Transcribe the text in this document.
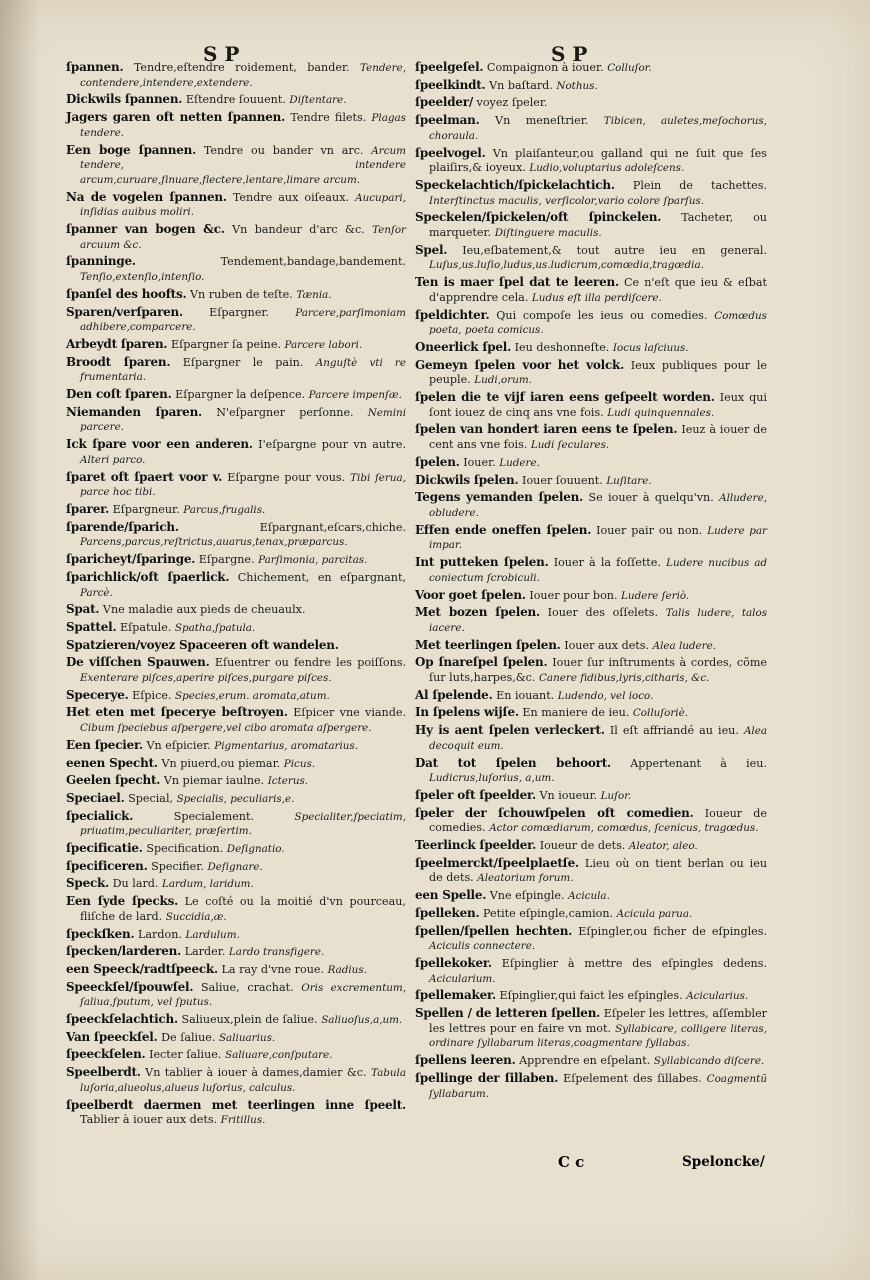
S P	S P
ſpannen. Tendre,eſtendre roidement, bander. Tendere, contendere,intendere,extendere.
Dickwils ſpannen. Eſtendre ſouuent. Diſtentare.
Jagers garen oft netten ſpannen. Tendre filets. Plagas tendere.
Een boge ſpannen. Tendre ou bander vn arc. Arcum tendere, intendere arcum,curuare,ſinuare,flectere,lentare,limare arcum.
Na de vogelen ſpannen. Tendre aux oiſeaux. Aucupari, inſidias auibus moliri.
ſpanner van bogen &c. Vn bandeur d'arc &c. Tenſor arcuum &c.
ſpanninge.	Tendement,bandage,bandement. Tenſio,extenſio,intenſio.
ſpanſel des hoofts. Vn ruben de teſte. Tænia.
Sparen/verſparen. Eſpargner.	Parcere,parſimoniam adhibere,comparcere.
Arbeydt ſparen. Eſpargner ſa peine. Parcere labori.
Broodt ſparen. Eſpargner le pain. Anguſtè vti re frumentaria.
Den coſt ſparen. Eſpargner la deſpence. Parcere impenſæ.
Niemanden ſparen. N'eſpargner perſonne. Nemini parcere.
Ick ſpare voor een anderen. I'eſpargne pour vn autre. Alteri parco.
ſparet oft ſpaert voor v. Eſpargne pour vous. Tibi ſerua, parce hoc tibi.
ſparer. Eſpargneur. Parcus,frugalis.
ſparende/ſparich.	Eſpargnant,eſcars,chiche. Parcens,parcus,reſtrictus,auarus,tenax,præparcus.
ſparicheyt/ſparinge. Eſpargne. Parſimonia, parcitas.
ſparichlick/oft ſpaerlick. Chichement, en eſpargnant, Parcè.
Spat. Vne maladie aux pieds de cheuaulx.
Spattel. Eſpatule. Spatha,ſpatula.
Spatzieren/voyez Spaceeren oft wandelen.
De viſſchen Spauwen. Eſuentrer ou fendre les poiſſons. Exenterare piſces,aperire piſces,purgare piſces.
Speceryе. Eſpice. Species,erum. aromata,atum.
Het eten met ſpecerye beſtroyen. Eſpicer vne viande. Cibum ſpeciebus aſpergere,vel cibo aromata aſpergere.
Een ſpecier. Vn eſpicier. Pigmentarius, aromatarius.
eenen Specht. Vn piuerd,ou piemar. Picus.
Geelen ſpecht. Vn piemar iaulne. Icterus.
Speciael. Special, Specialis, peculiaris,e.
ſpecialick.	Specialement.	Specialiter,ſpeciatim, priuatim,peculiariter, præſertim.
ſpecificatie. Specification. Deſignatio.
ſpecificeren. Specifier. Deſignare.
Speck. Du lard. Lardum, laridum.
Een ſyde ſpecks. Le coſté ou la moitié d'vn pourceau, fliſche de lard. Succidia,æ.
ſpeckſken. Lardon. Lardulum.
ſpecken/larderen. Larder. Lardo transfigere.
een Speeck/radtſpeeck. La ray d'vne roue. Radius.
Speeckſel/ſpouwſel. Saliue, crachat. Oris excrementum, ſaliua,ſputum, vel ſputus.
ſpeeckſelachtich. Salіueux,plein de ſaliue. Saliuoſus,a,um.
Van ſpeeckſel. De ſaliue. Saliuarius.
ſpeeckſelen. Iecter ſaliue. Saliuare,conſputare.
Speelberdt. Vn tablier à iouer à dames,damier &c. Tabula luſoria,alueolus,alueus luſorius, calculus.
ſpeelberdt daermen met teerlingen inne ſpeelt. Tablier à iouer aux dets. Fritillus.
ſpeelgeſel. Compaignon à iouer. Colluſor.
ſpeelkindt. Vn baſtard. Nothus.
ſpeelder/ voyez ſpeler.
ſpeelman. Vn meneſtrier. Tibicen, auletes,meſochorus, choraula.
ſpeelvogel. Vn plaiſanteur,ou galland qui ne ſuit que ſes plaiſirs,& ioyeux. Ludio,voluptarius adoleſcens.
Speckelachtich/ſpickelachtich. Plein de tachettes. Interſtinctus maculis, verſicolor,vario colore ſparſus.
Speckelen/ſpickelen/oft ſpinckelen. Tacheter, ou marqueter. Diſtinguere maculis.
Spel. Ieu,eſbatement,& tout autre ieu en general. Luſus,us.luſio,ludus,us.ludicrum,comœdia,tragœdia.
Ten is maer ſpel dat te leeren. Ce n'eſt que ieu & eſbat d'apprendre cela. Ludus eſt illa perdiſcere.
ſpeldichter. Qui compoſe les ieus ou comedies. Comœdus poeta, poeta comicus.
Oneerlick ſpel. Ieu deshonneſte. Iocus laſciuus.
Gemeyn ſpelen voor het volck. Ieux publiques pour le peuple. Ludi,orum.
ſpelen die te vijf iaren eens geſpeelt worden. Ieux qui ſont iouez de cinq ans vne fois. Ludi quinquennales.
ſpelen van hondert iaren eens te ſpelen. Ieuz à iouer de cent ans vne fois. Ludi ſeculares.
ſpelen. Iouer. Ludere.
Dickwils ſpelen. Iouer ſouuent. Luſitare.
Tegens yemanden ſpelen. Se iouer à quelqu'vn. Alludere, obludere.
Effen ende oneffen ſpelen. Iouer pair ou non. Ludere par impar.
Int putteken ſpelen. Iouer à la foſſette. Ludere nucibus ad coniectum ſcrobiculi.
Voor goet ſpelen. Iouer pour bon. Ludere ſeriò.
Met bozen ſpelen. Iouer des oſſelets. Talis ludere, talos iacere.
Met teerlingen ſpelen. Iouer aux dets. Alea ludere.
Op ſnareſpel ſpelen. Iouer ſur inſtruments à cordes, cõme ſur luts,harpes,&c. Canere fidibus,lyris,citharis, &c.
Al ſpelende. En iouant. Ludendo, vel ioco.
In ſpelens wijſe. En maniere de ieu. Colluſoriè.
Hy is aent ſpelen verleckert. Il eſt affriandé au ieu. Alea decoquit eum.
Dat tot ſpelen behoort. Appertenant à ieu. Ludicrus,luſorius, a,um.
ſpeler oft ſpeelder. Vn ioueur. Luſor.
ſpeler der ſchouwſpelen oft comedien. Ioueur de comedies. Actor comœdiarum, comœdus, ſcenicus, tragœdus.
Teerlinck ſpeelder. Ioueur de dets. Aleator, aleo.
ſpeelmerckt/ſpeelplaetſe. Lieu où on tient berlan ou ieu de dets. Aleatorium forum.
een Spelle. Vne eſpingle. Acicula.
ſpelleken. Petite eſpingle,camion. Acicula parua.
ſpellen/ſpellen hechten. Eſpingler,ou ficher de eſpingles. Aciculis connectere.
ſpellekoker. Eſpinglier à mettre des eſpingles dedens. Acicularium.
ſpellemaker. Eſpinglier,qui faict les eſpingles. Acicularius.
Spellen / de letteren ſpellen. Eſpeler les lettres, aſſembler les lettres pour en faire vn mot. Syllabicare, colligere literas, ordinare ſyllabarum literas,coagmentare ſyllabas.
ſpellens leeren. Apprendre en eſpelant. Syllabicando diſcere.
ſpellinge der ſillaben. Eſpelement des ſillabes. Coagmentũ ſyllabarum.
C c	Speloncke/
